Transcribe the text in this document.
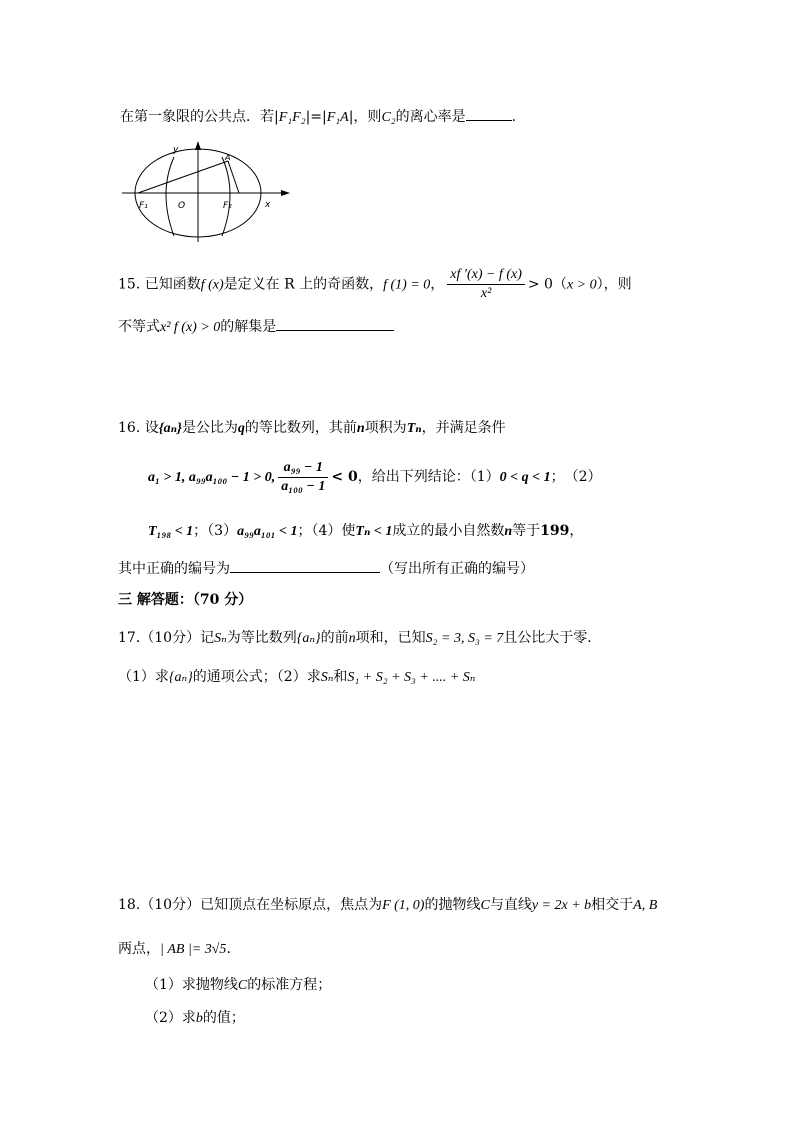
在第一象限的公共点．若|F₁F₂|=|F₁A|，则C₂的离心率是	.
y
x
O
F₁	F₂
A
15. 已知函数f (x)是定义在 R 上的奇函数，f (1) = 0， $\frac{xf '(x) - f (x)}{\text{x²}} > 0(x > 0)$，则
不等式x² f (x) > 0的解集是
16. 设{aₙ}是公比为q的等比数列，其前n项积为Tₙ，并满足条件
a₁ > 1, a₉₉a₁₀₀ − 1 > 0, $\frac{\text{a₉₉ − 1}}{\text{a₁₀₀ − 1}} < 0$，给出下列结论：（1）0 < q < 1；　（2）
T₁₉₈ < 1；（3）a₉₉a₁₀₁ < 1；（4）使Tₙ < 1成立的最小自然数n等于199，
其中正确的编号为	（写出所有正确的编号）
三 解答题：（70 分）
17.（10分）记Sₙ为等比数列{aₙ}的前n项和，已知S₂ = 3, S₃ = 7且公比大于零．
（1）求{aₙ}的通项公式；（2）求Sₙ和S₁ + S₂ + S₃ + .... + Sₙ
18.（10分）已知顶点在坐标原点，焦点为F (1, 0)的抛物线C与直线y = 2x + b相交于A, B
两点，| AB |= 3√5.
（1）求抛物线C的标准方程；
（2）求b的值；
